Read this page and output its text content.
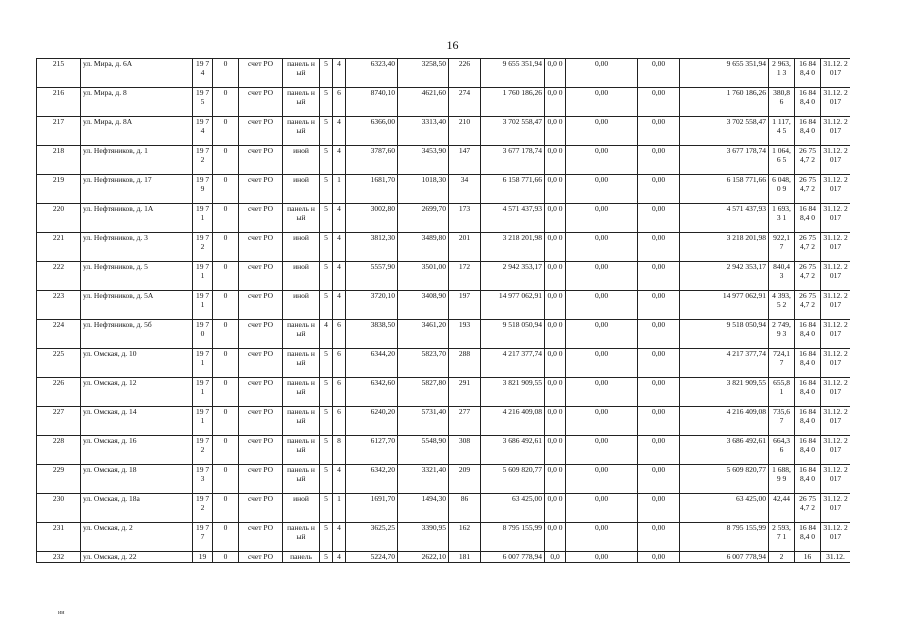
16
215	ул. Мира, д. 6А	19 74	0	счет РО	панель ный	5	4	6323,40	3258,50	226	9 655 351,94	0,0 0	0,00	0,00	9 655 351,94	2 963,1 3	16 848,4 0	31.12. 2017
216	ул. Мира, д. 8	19 75	0	счет РО	панель ный	5	6	8740,10	4621,60	274	1 760 186,26	0,0 0	0,00	0,00	1 760 186,26	380,8 6	16 848,4 0	31.12. 2017
217	ул. Мира, д. 8А	19 74	0	счет РО	панель ный	5	4	6366,00	3313,40	210	3 702 558,47	0,0 0	0,00	0,00	3 702 558,47	1 117,4 5	16 848,4 0	31.12. 2017
218	ул. Нефтяников, д. 1	19 72	0	счет РО	иной	5	4	3787,60	3453,90	147	3 677 178,74	0,0 0	0,00	0,00	3 677 178,74	1 064,6 5	26 754,7 2	31.12. 2017
219	ул. Нефтяников, д. 17	19 79	0	счет РО	иной	5	1	1681,70	1018,30	34	6 158 771,66	0,0 0	0,00	0,00	6 158 771,66	6 048,0 9	26 754,7 2	31.12. 2017
220	ул. Нефтяников, д. 1А	19 71	0	счет РО	панель ный	5	4	3002,80	2699,70	173	4 571 437,93	0,0 0	0,00	0,00	4 571 437,93	1 693,3 1	16 848,4 0	31.12. 2017
221	ул. Нефтяников, д. 3	19 72	0	счет РО	иной	5	4	3812,30	3489,80	201	3 218 201,98	0,0 0	0,00	0,00	3 218 201,98	922,1 7	26 754,7 2	31.12. 2017
222	ул. Нефтяников, д. 5	19 71	0	счет РО	иной	5	4	5557,90	3501,00	172	2 942 353,17	0,0 0	0,00	0,00	2 942 353,17	840,4 3	26 754,7 2	31.12. 2017
223	ул. Нефтяников, д. 5А	19 71	0	счет РО	иной	5	4	3720,10	3408,90	197	14 977 062,91	0,0 0	0,00	0,00	14 977 062,91	4 393,5 2	26 754,7 2	31.12. 2017
224	ул. Нефтяников, д. 5б	19 70	0	счет РО	панель ный	4	6	3838,50	3461,20	193	9 518 050,94	0,0 0	0,00	0,00	9 518 050,94	2 749,9 3	16 848,4 0	31.12. 2017
225	ул. Омская, д. 10	19 71	0	счет РО	панель ный	5	6	6344,20	5823,70	288	4 217 377,74	0,0 0	0,00	0,00	4 217 377,74	724,1 7	16 848,4 0	31.12. 2017
226	ул. Омская, д. 12	19 71	0	счет РО	панель ный	5	6	6342,60	5827,80	291	3 821 909,55	0,0 0	0,00	0,00	3 821 909,55	655,8 1	16 848,4 0	31.12. 2017
227	ул. Омская, д. 14	19 71	0	счет РО	панель ный	5	6	6240,20	5731,40	277	4 216 409,08	0,0 0	0,00	0,00	4 216 409,08	735,6 7	16 848,4 0	31.12. 2017
228	ул. Омская, д. 16	19 72	0	счет РО	панель ный	5	8	6127,70	5548,90	308	3 686 492,61	0,0 0	0,00	0,00	3 686 492,61	664,3 6	16 848,4 0	31.12. 2017
229	ул. Омская, д. 18	19 73	0	счет РО	панель ный	5	4	6342,20	3321,40	209	5 609 820,77	0,0 0	0,00	0,00	5 609 820,77	1 688,9 9	16 848,4 0	31.12. 2017
230	ул. Омская, д. 18а	19 72	0	счет РО	иной	5	1	1691,70	1494,30	86	63 425,00	0,0 0	0,00	0,00	63 425,00	42,44	26 754,7 2	31.12. 2017
231	ул. Омская, д. 2	19 77	0	счет РО	панель ный	5	4	3625,25	3390,95	162	8 795 155,99	0,0 0	0,00	0,00	8 795 155,99	2 593,7 1	16 848,4 0	31.12. 2017
232	ул. Омская, д. 22	19	0	счет РО	панель	5	4	5224,70	2622,10	181	6 007 778,94	0,0	0,00	0,00	6 007 778,94	2	16	31.12.
ии
